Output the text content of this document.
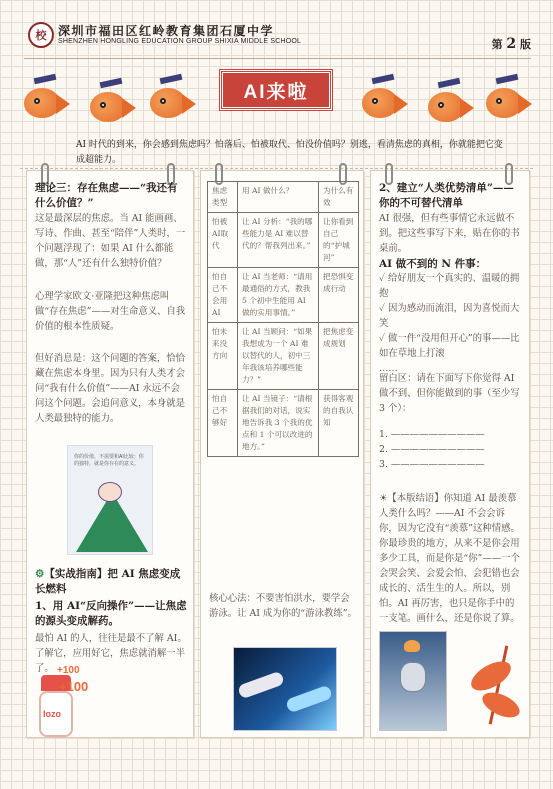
校 深圳市福田区红岭教育集团石厦中学
SHENZHEN HONGLING EDUCATION GROUP SHIXIA MIDDLE SCHOOL	第 2 版
AI来啦
AI 时代的到来，你会感到焦虑吗？怕落后、怕被取代、怕没价值吗？别逃，看清焦虑的真相，你就能把它变成超能力。
理论三：存在焦虑——“我还有什么价值？”
这是最深层的焦虑。当 AI 能画画、写诗、作曲、甚至“陪伴”人类时，一个问题浮现了：如果 AI 什么都能做，那“人”还有什么独特价值？
心理学家欧文·亚隆把这种焦虑叫做“存在焦虑”——对生命意义、自我价值的根本性质疑。
但好消息是：这个问题的答案，恰恰藏在焦虑本身里。因为只有人类才会问“我有什么价值”——AI 永远不会问这个问题。会追问意义，本身就是人类最独特的能力。
你的价值，不需要和AI比较；你的独特，就是你存在的意义。
⚙【实战指南】把 AI 焦虑变成长燃料
1、用 AI“反向操作”——让焦虑的源头变成解药。
最怕 AI 的人，往往是最不了解 AI。了解它，应用好它，焦虑就消解一半了。
lozo
+100
+100
焦虑类型	用 AI 做什么？	为什么有效
怕被AI取代	让 AI 分析：“我的哪些能力是 AI 难以替代的？帮我列出来。”	让你看到自己的“护城河”
怕自己不会用AI	让 AI 当老师：“请用最通俗的方式，教我 5 个初中生能用 AI 做的实用事情。”	把恐惧变成行动
怕未来没方向	让 AI 当顾问：“如果我想成为一个 AI 难以替代的人，初中三年我该培养哪些能力？”	把焦虑变成规划
怕自己不够好	让 AI 当镜子：“请根据我们的对话，说实地告诉我 3 个我的优点和 1 个可以改进的地方。”	获得客观的自我认知
核心心法：不要害怕洪水，要学会游泳。让 AI 成为你的“游泳教练”。
2、建立“人类优势清单”——你的不可替代清单
AI 很强，但有些事情它永远做不到。把这些事写下来，贴在你的书桌前。
AI 做不到的 N 件事：
✓ 给好朋友一个真实的、温暖的拥抱
✓ 因为感动而流泪，因为喜悦而大笑
✓ 做一件“没用但开心”的事——比如在草地上打滚
……
留白区：请在下面写下你觉得 AI 做不到、但你能做到的事（至少写 3 个）：
1. ——————————
2. ——————————
3. ——————————
☀【本版结语】你知道 AI 最羡慕人类什么吗？——AI 不会会诉你，因为它没有“羡慕”这种情感。你最珍贵的地方，从来不是你会用多少工具，而是你是“你”——一个会哭会笑、会爱会怕、会犯错也会成长的、活生生的人。所以，别怕。AI 再厉害，也只是你手中的一支笔。画什么，还是你说了算。
